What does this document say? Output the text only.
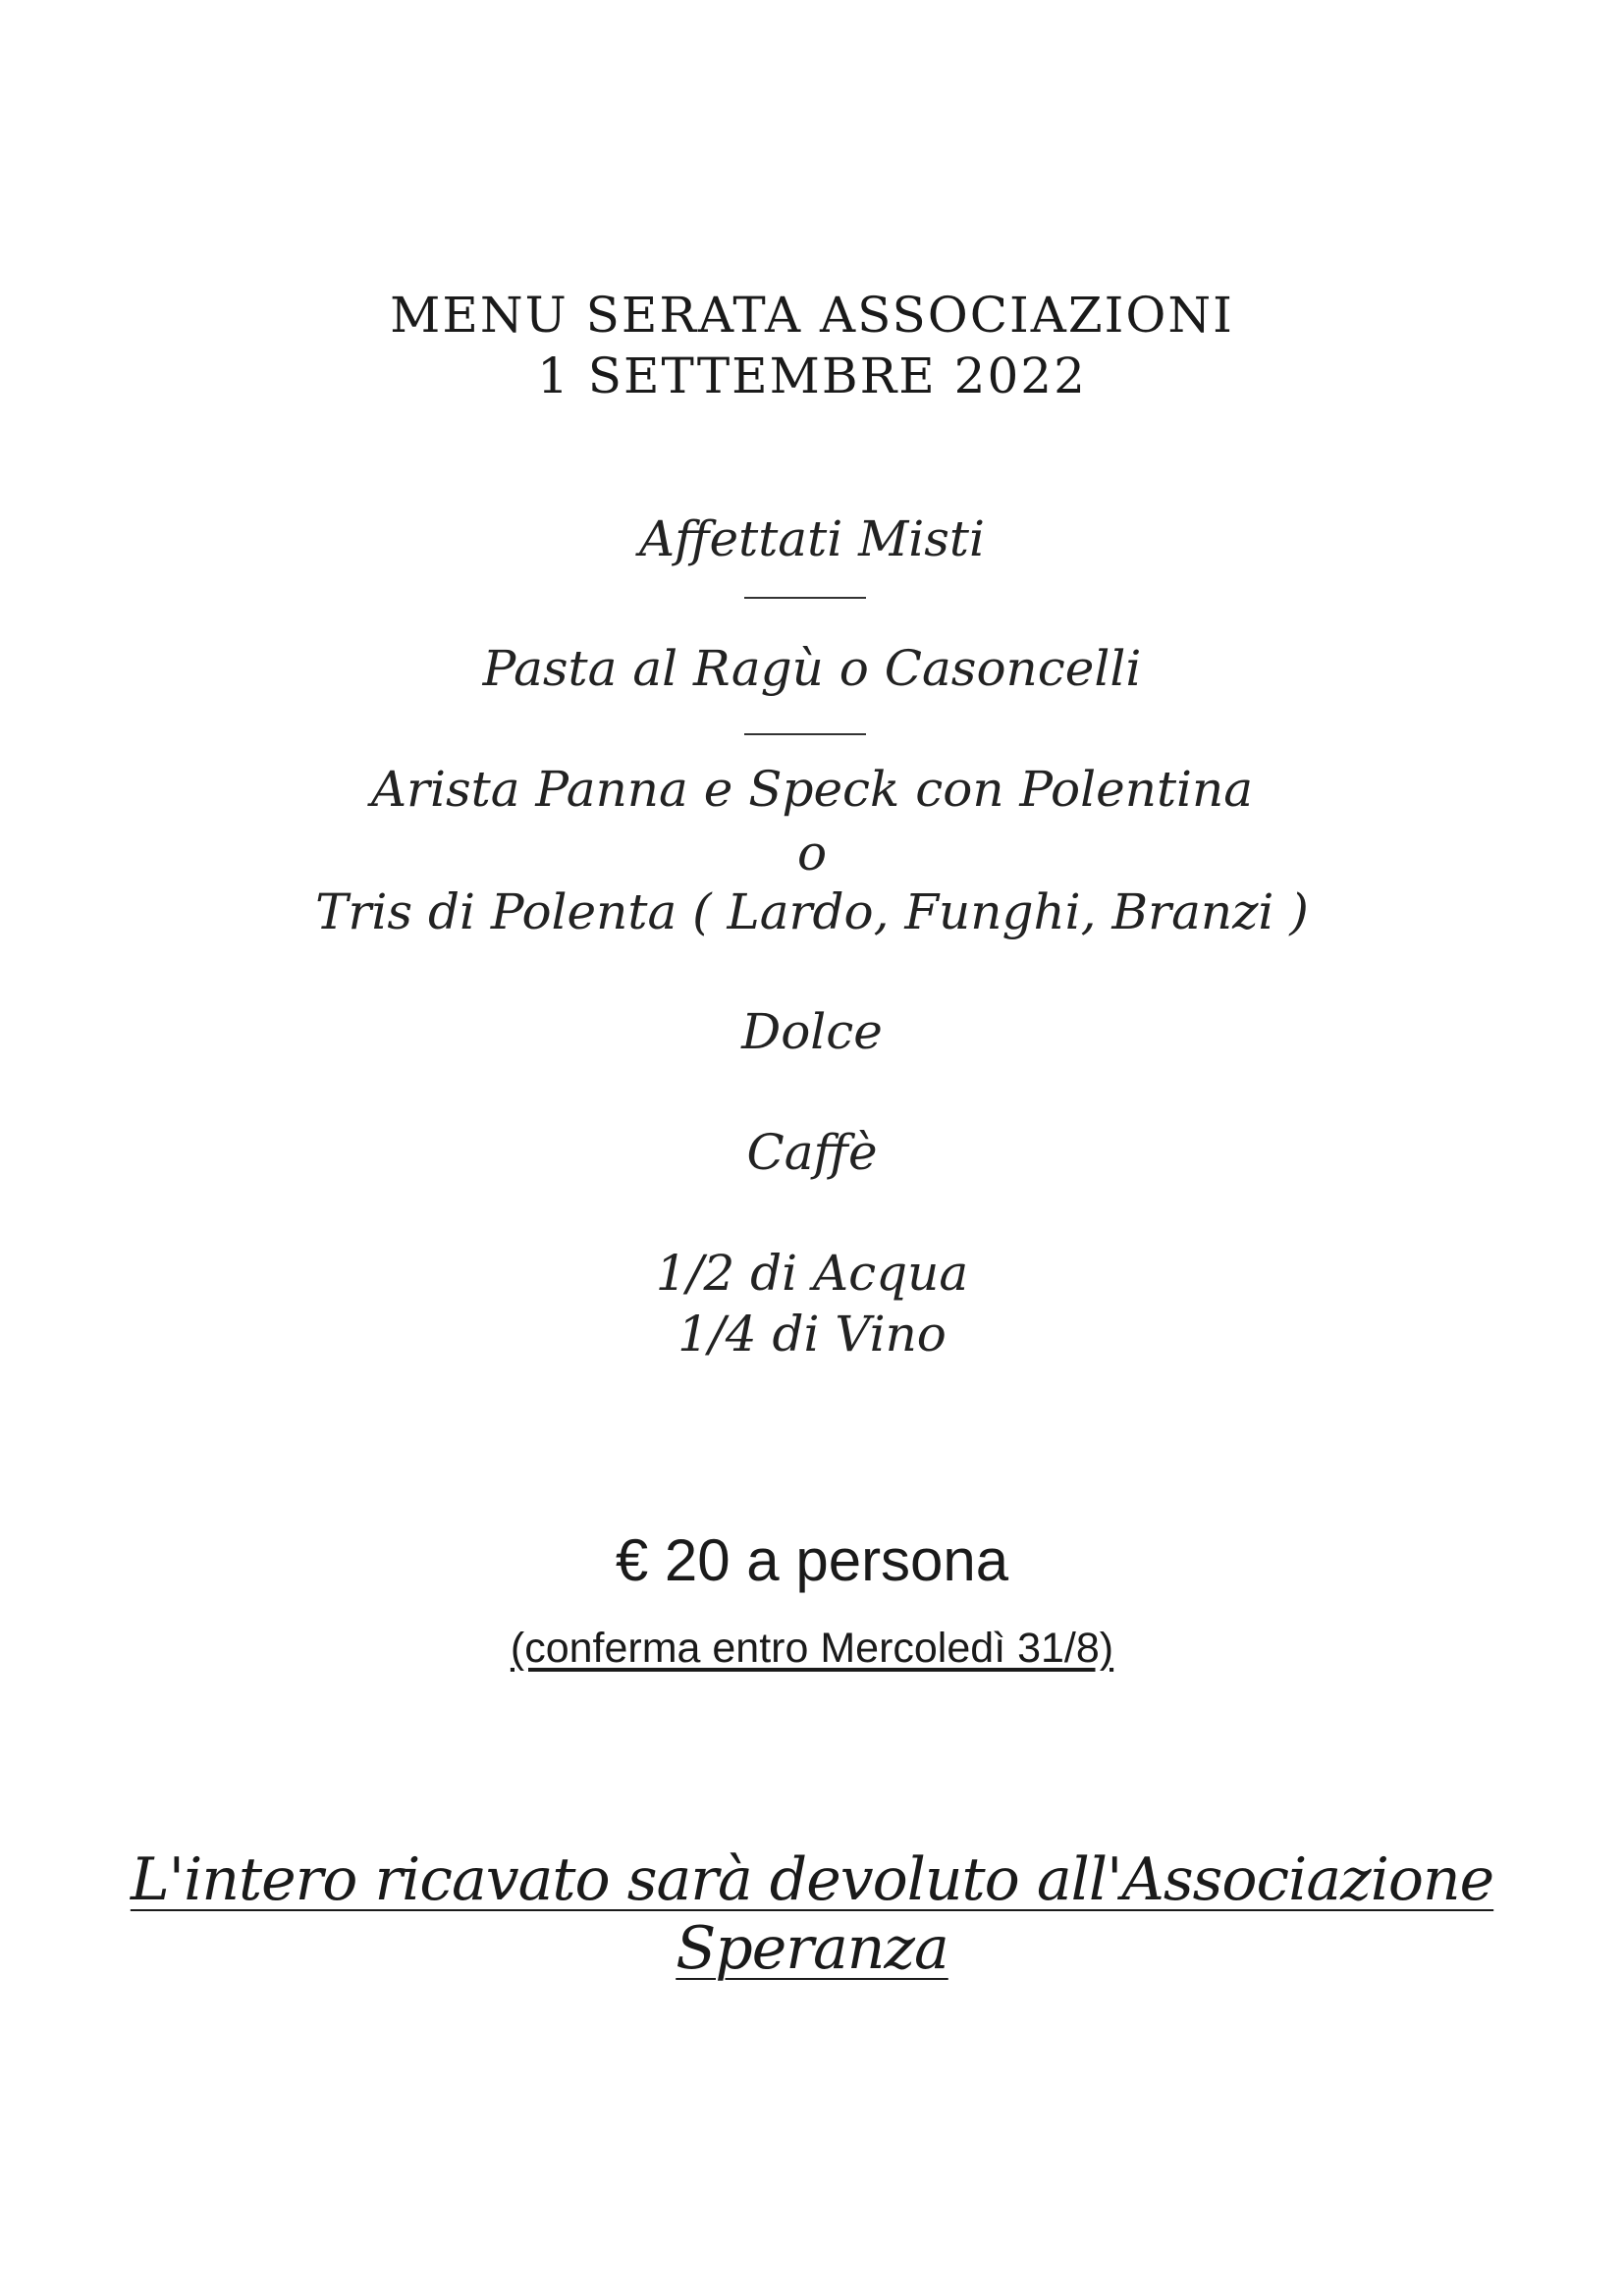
MENU SERATA ASSOCIAZIONI
1 SETTEMBRE 2022
Affettati Misti
Pasta al Ragù o Casoncelli
Arista Panna e Speck con Polentina
o
Tris di Polenta ( Lardo, Funghi, Branzi )
Dolce
Caffè
1/2 di Acqua
1/4 di Vino
€ 20 a persona
(conferma entro Mercoledì 31/8)
L'intero ricavato sarà devoluto all'Associazione Speranza
